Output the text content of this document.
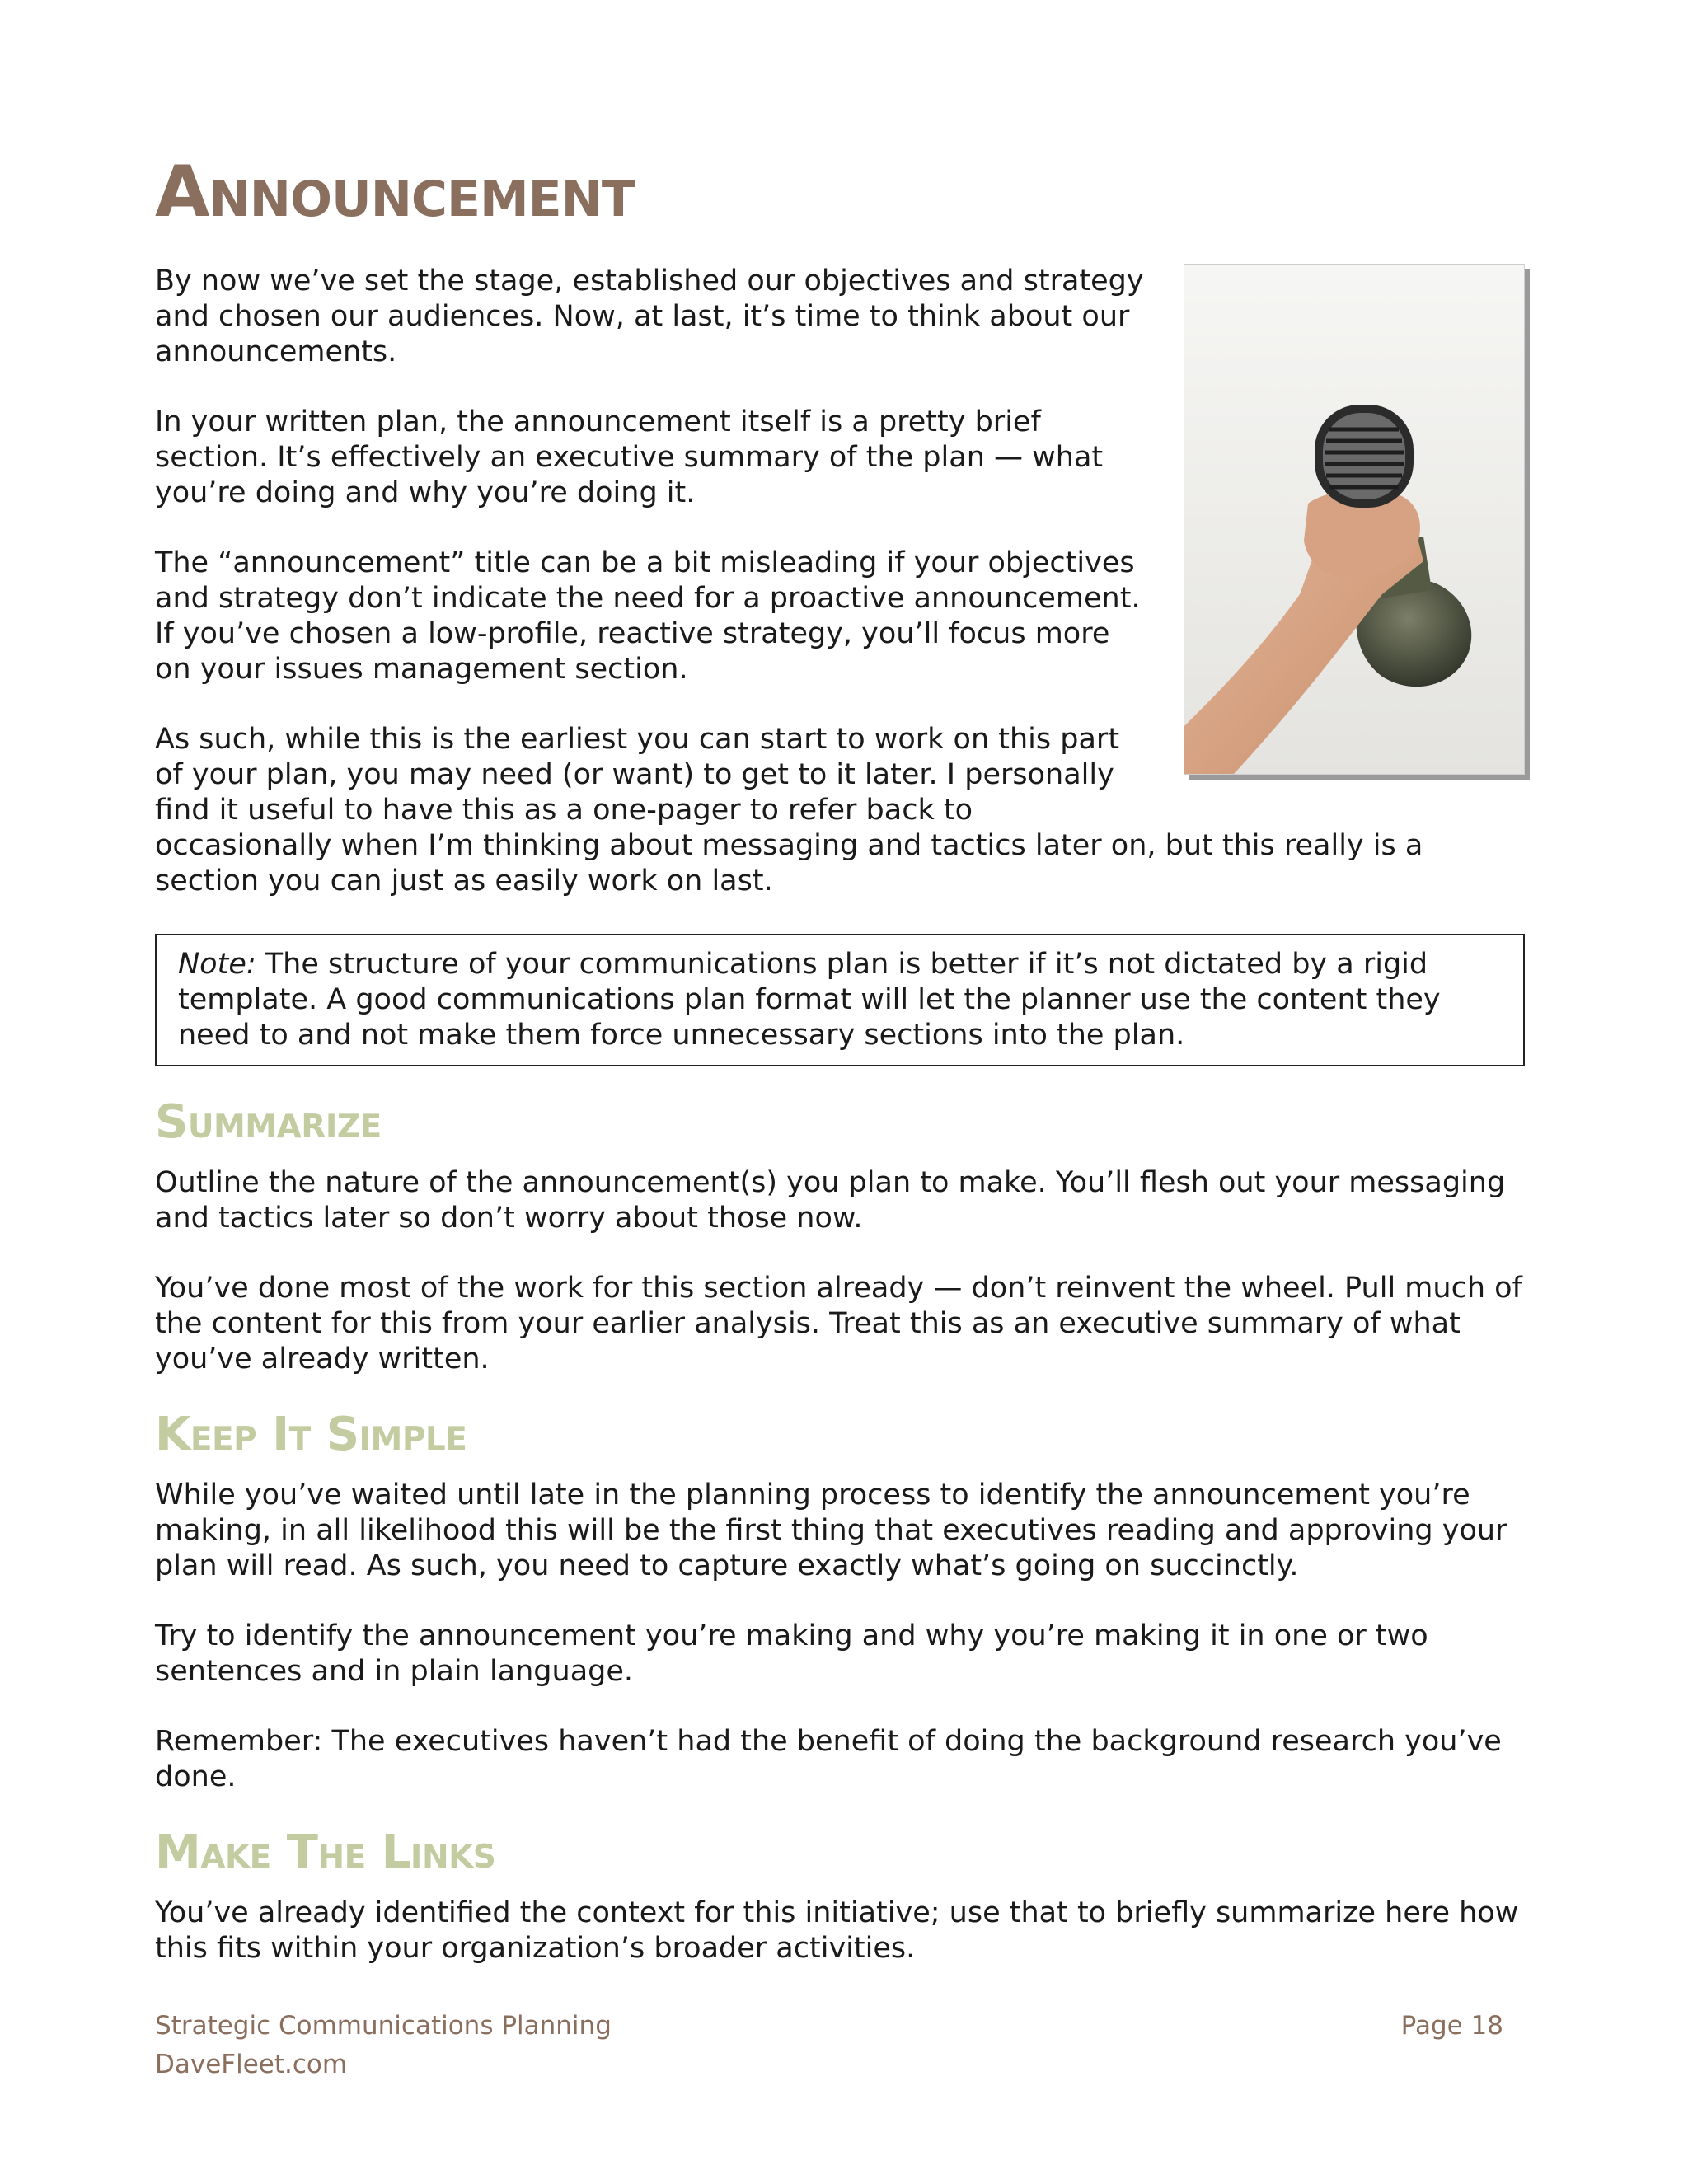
Announcement

By now we’ve set the stage, established our objectives and strategy and chosen our audiences. Now, at last, it’s time to think about our announcements.

In your written plan, the announcement itself is a pretty brief section. It’s effectively an executive summary of the plan — what you’re doing and why you’re doing it.

The “announcement” title can be a bit misleading if your objectives and strategy don’t indicate the need for a proactive announcement. If you’ve chosen a low-profile, reactive strategy, you’ll focus more on your issues management section.

As such, while this is the earliest you can start to work on this part of your plan, you may need (or want) to get to it later. I personally find it useful to have this as a one-pager to refer back to occasionally when I’m thinking about messaging and tactics later on, but this really is a section you can just as easily work on last.

Note: The structure of your communications plan is better if it’s not dictated by a rigid template. A good communications plan format will let the planner use the content they need to and not make them force unnecessary sections into the plan.

Summarize

Outline the nature of the announcement(s) you plan to make. You’ll flesh out your messaging and tactics later so don’t worry about those now.

You’ve done most of the work for this section already — don’t reinvent the wheel. Pull much of the content for this from your earlier analysis. Treat this as an executive summary of what you’ve already written.

Keep It Simple

While you’ve waited until late in the planning process to identify the announcement you’re making, in all likelihood this will be the first thing that executives reading and approving your plan will read. As such, you need to capture exactly what’s going on succinctly.

Try to identify the announcement you’re making and why you’re making it in one or two sentences and in plain language.

Remember: The executives haven’t had the benefit of doing the background research you’ve done.

Make The Links

You’ve already identified the context for this initiative; use that to briefly summarize here how this fits within your organization’s broader activities.

Strategic Communications Planning
DaveFleet.com
Page 18
